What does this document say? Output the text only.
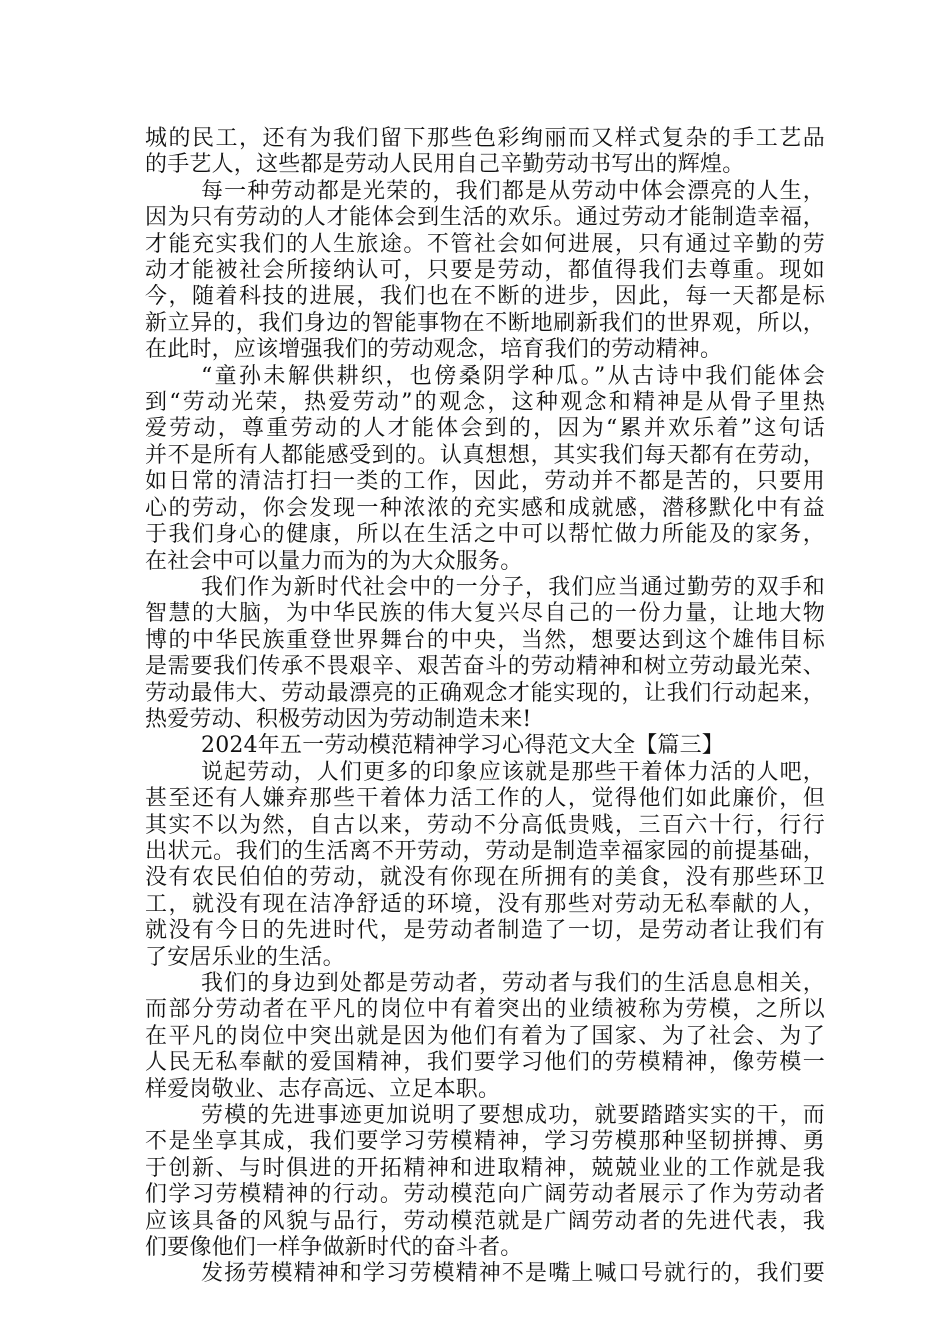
城的民工，还有为我们留下那些色彩绚丽而又样式复杂的手工艺品
的手艺人，这些都是劳动人民用自己辛勤劳动书写出的辉煌。
每一种劳动都是光荣的，我们都是从劳动中体会漂亮的人生，
因为只有劳动的人才能体会到生活的欢乐。通过劳动才能制造幸福，
才能充实我们的人生旅途。不管社会如何进展，只有通过辛勤的劳
动才能被社会所接纳认可，只要是劳动，都值得我们去尊重。现如
今，随着科技的进展，我们也在不断的进步，因此，每一天都是标
新立异的，我们身边的智能事物在不断地刷新我们的世界观，所以，
在此时，应该增强我们的劳动观念，培育我们的劳动精神。
“童孙未解供耕织，也傍桑阴学种瓜。”从古诗中我们能体会
到“劳动光荣，热爱劳动”的观念，这种观念和精神是从骨子里热
爱劳动，尊重劳动的人才能体会到的，因为“累并欢乐着”这句话
并不是所有人都能感受到的。认真想想，其实我们每天都有在劳动，
如日常的清洁打扫一类的工作，因此，劳动并不都是苦的，只要用
心的劳动，你会发现一种浓浓的充实感和成就感，潜移默化中有益
于我们身心的健康，所以在生活之中可以帮忙做力所能及的家务，
在社会中可以量力而为的为大众服务。
我们作为新时代社会中的一分子，我们应当通过勤劳的双手和
智慧的大脑，为中华民族的伟大复兴尽自己的一份力量，让地大物
博的中华民族重登世界舞台的中央，当然，想要达到这个雄伟目标
是需要我们传承不畏艰辛、艰苦奋斗的劳动精神和树立劳动最光荣、
劳动最伟大、劳动最漂亮的正确观念才能实现的，让我们行动起来，
热爱劳动、积极劳动因为劳动制造未来!
2024年五一劳动模范精神学习心得范文大全【篇三】
说起劳动，人们更多的印象应该就是那些干着体力活的人吧，
甚至还有人嫌弃那些干着体力活工作的人，觉得他们如此廉价，但
其实不以为然，自古以来，劳动不分高低贵贱，三百六十行，行行
出状元。我们的生活离不开劳动，劳动是制造幸福家园的前提基础，
没有农民伯伯的劳动，就没有你现在所拥有的美食，没有那些环卫
工，就没有现在洁净舒适的环境，没有那些对劳动无私奉献的人，
就没有今日的先进时代，是劳动者制造了一切，是劳动者让我们有
了安居乐业的生活。
我们的身边到处都是劳动者，劳动者与我们的生活息息相关，
而部分劳动者在平凡的岗位中有着突出的业绩被称为劳模，之所以
在平凡的岗位中突出就是因为他们有着为了国家、为了社会、为了
人民无私奉献的爱国精神，我们要学习他们的劳模精神，像劳模一
样爱岗敬业、志存高远、立足本职。
劳模的先进事迹更加说明了要想成功，就要踏踏实实的干，而
不是坐享其成，我们要学习劳模精神，学习劳模那种坚韧拼搏、勇
于创新、与时俱进的开拓精神和进取精神，兢兢业业的工作就是我
们学习劳模精神的行动。劳动模范向广阔劳动者展示了作为劳动者
应该具备的风貌与品行，劳动模范就是广阔劳动者的先进代表，我
们要像他们一样争做新时代的奋斗者。
发扬劳模精神和学习劳模精神不是嘴上喊口号就行的，我们要
